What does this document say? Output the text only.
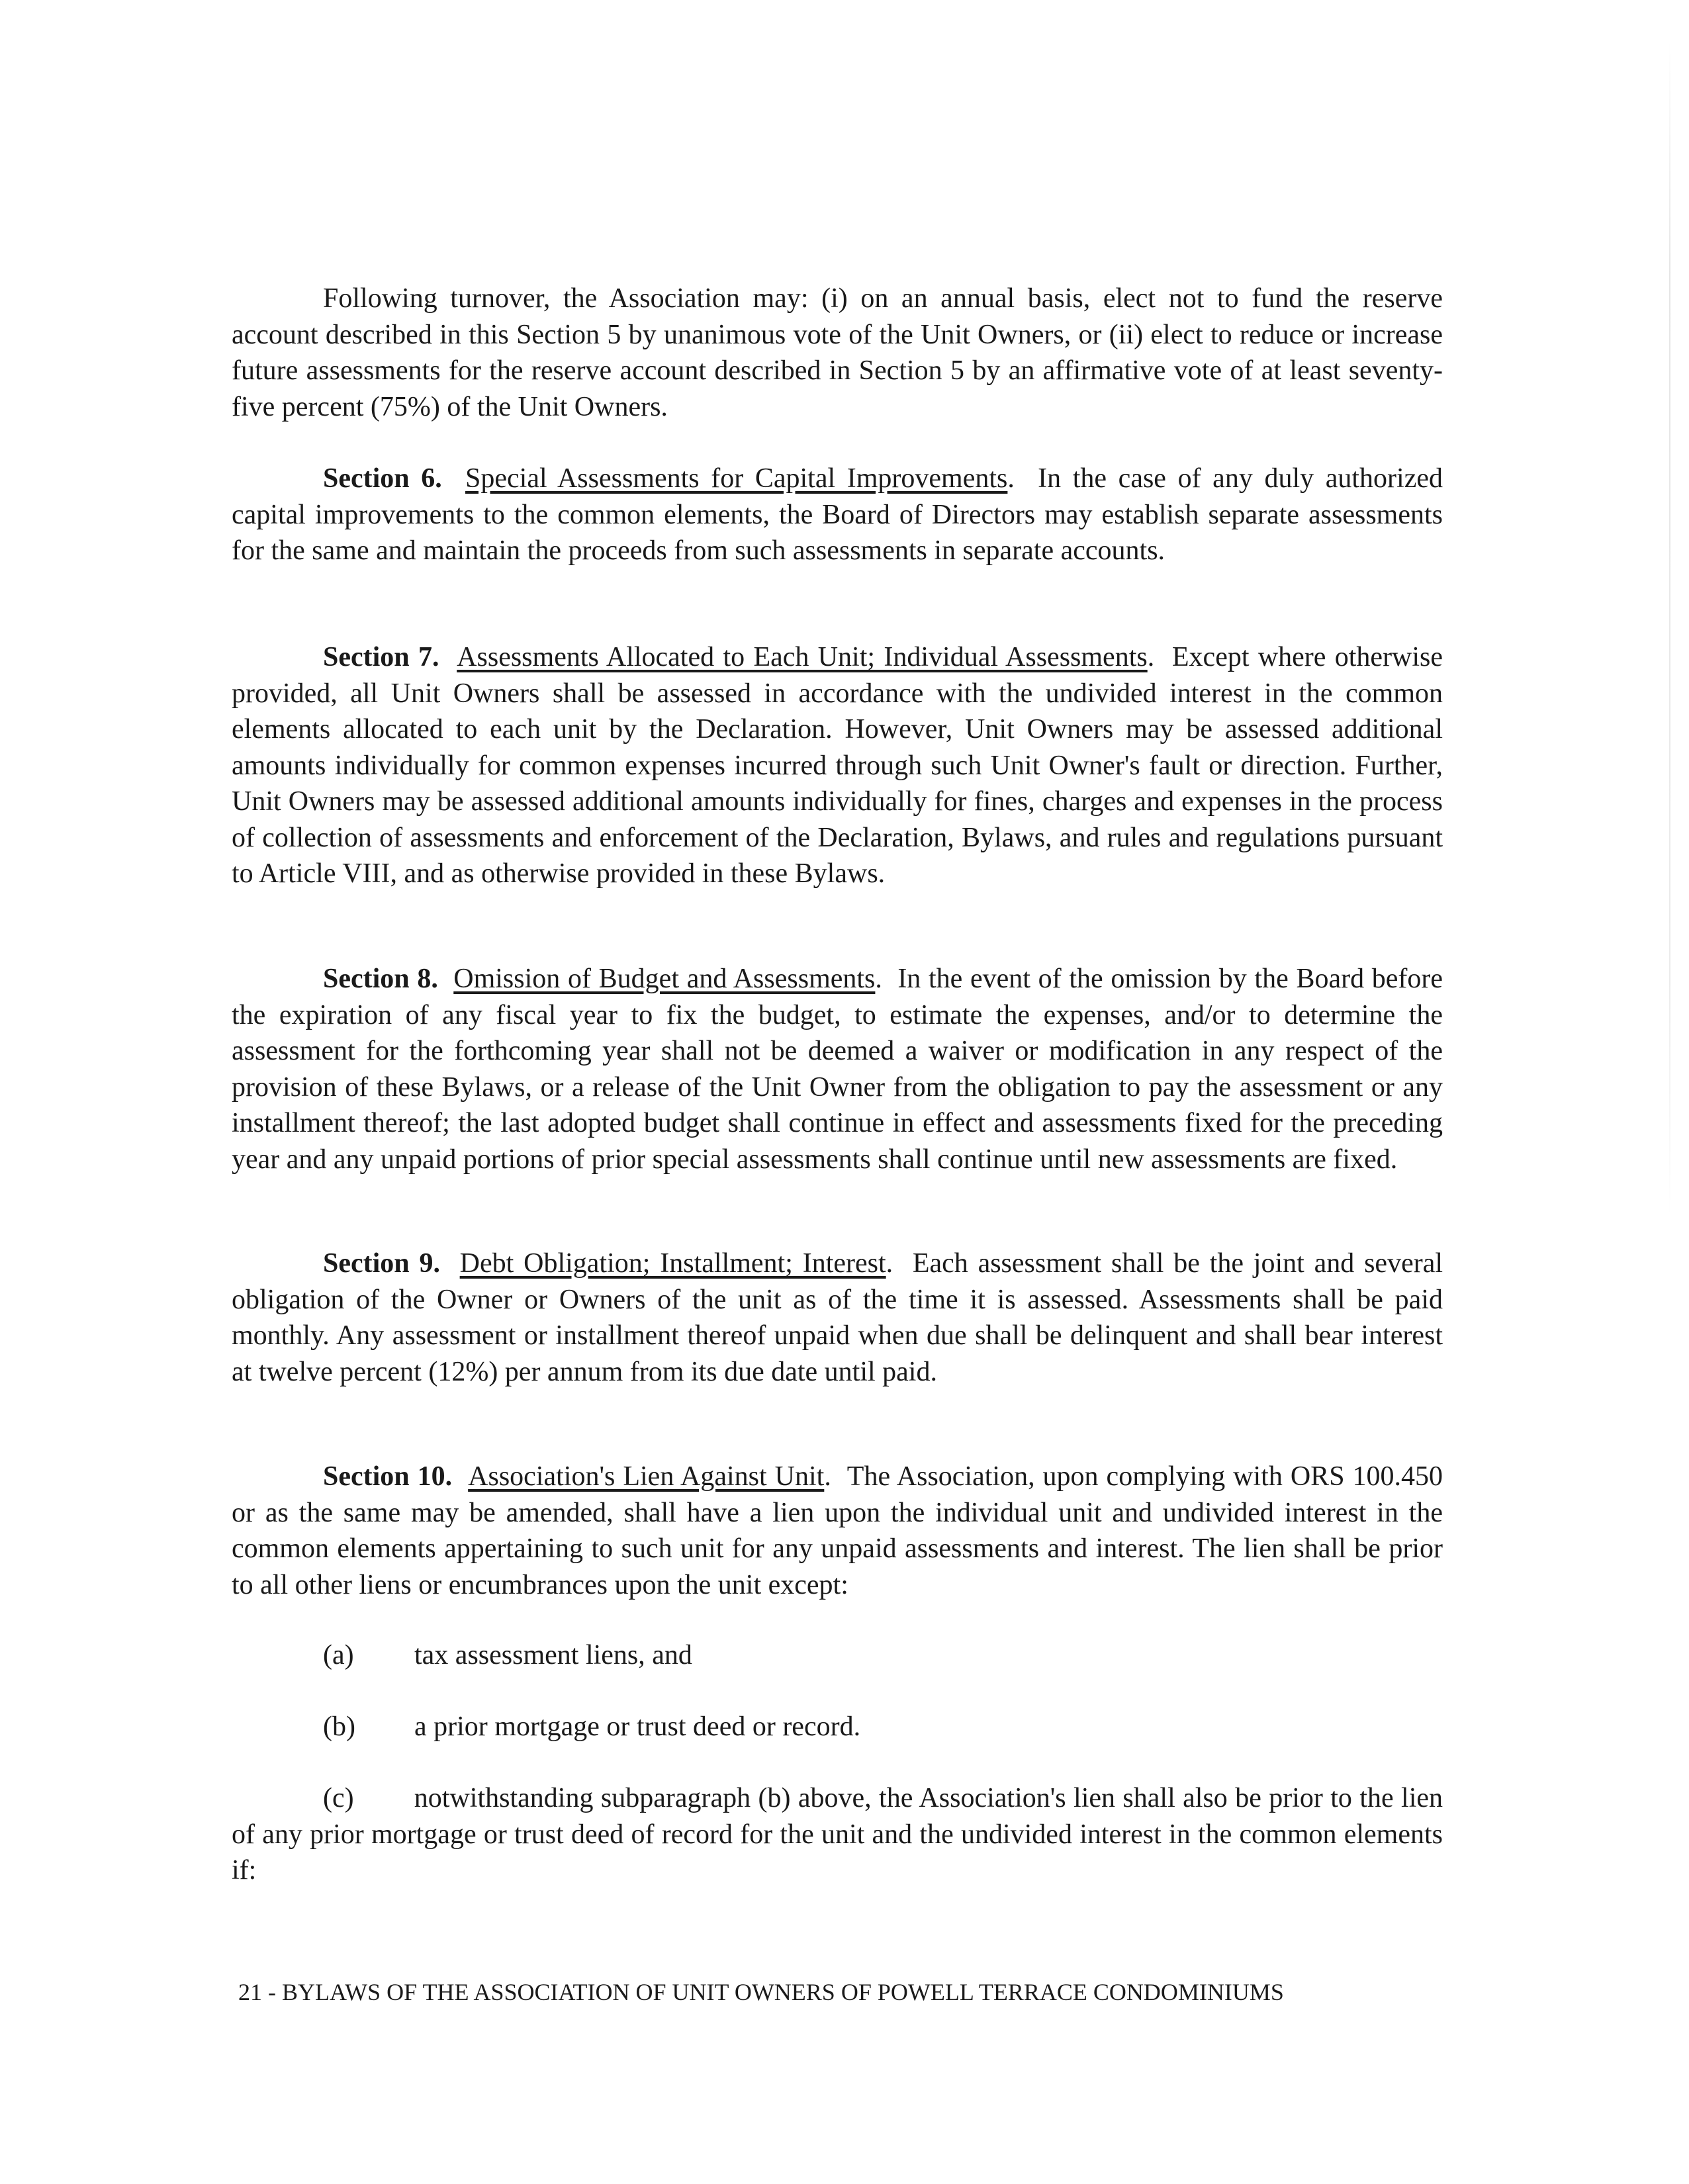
Following turnover, the Association may: (i) on an annual basis, elect not to fund the reserve account described in this Section 5 by unanimous vote of the Unit Owners, or (ii) elect to reduce or increase future assessments for the reserve account described in Section 5 by an affirmative vote of at least seventy-five percent (75%) of the Unit Owners.

Section 6. Special Assessments for Capital Improvements.  In the case of any duly authorized capital improvements to the common elements, the Board of Directors may establish separate assessments for the same and maintain the proceeds from such assessments in separate accounts.

Section 7. Assessments Allocated to Each Unit; Individual Assessments.  Except where otherwise provided, all Unit Owners shall be assessed in accordance with the undivided interest in the common elements allocated to each unit by the Declaration. However, Unit Owners may be assessed additional amounts individually for common expenses incurred through such Unit Owner's fault or direction. Further, Unit Owners may be assessed additional amounts individually for fines, charges and expenses in the process of collection of assessments and enforcement of the Declaration, Bylaws, and rules and regulations pursuant to Article VIII, and as otherwise provided in these Bylaws.

Section 8. Omission of Budget and Assessments.  In the event of the omission by the Board before the expiration of any fiscal year to fix the budget, to estimate the expenses, and/or to determine the assessment for the forthcoming year shall not be deemed a waiver or modification in any respect of the provision of these Bylaws, or a release of the Unit Owner from the obligation to pay the assessment or any installment thereof; the last adopted budget shall continue in effect and assessments fixed for the preceding year and any unpaid portions of prior special assessments shall continue until new assessments are fixed.

Section 9. Debt Obligation; Installment; Interest.  Each assessment shall be the joint and several obligation of the Owner or Owners of the unit as of the time it is assessed. Assessments shall be paid monthly. Any assessment or installment thereof unpaid when due shall be delinquent and shall bear interest at twelve percent (12%) per annum from its due date until paid.

Section 10. Association's Lien Against Unit.  The Association, upon complying with ORS 100.450 or as the same may be amended, shall have a lien upon the individual unit and undivided interest in the common elements appertaining to such unit for any unpaid assessments and interest. The lien shall be prior to all other liens or encumbrances upon the unit except:

(a) tax assessment liens, and
(b) a prior mortgage or trust deed or record.

(c) notwithstanding subparagraph (b) above, the Association's lien shall also be prior to the lien of any prior mortgage or trust deed of record for the unit and the undivided interest in the common elements if:

21 - BYLAWS OF THE ASSOCIATION OF UNIT OWNERS OF POWELL TERRACE CONDOMINIUMS
